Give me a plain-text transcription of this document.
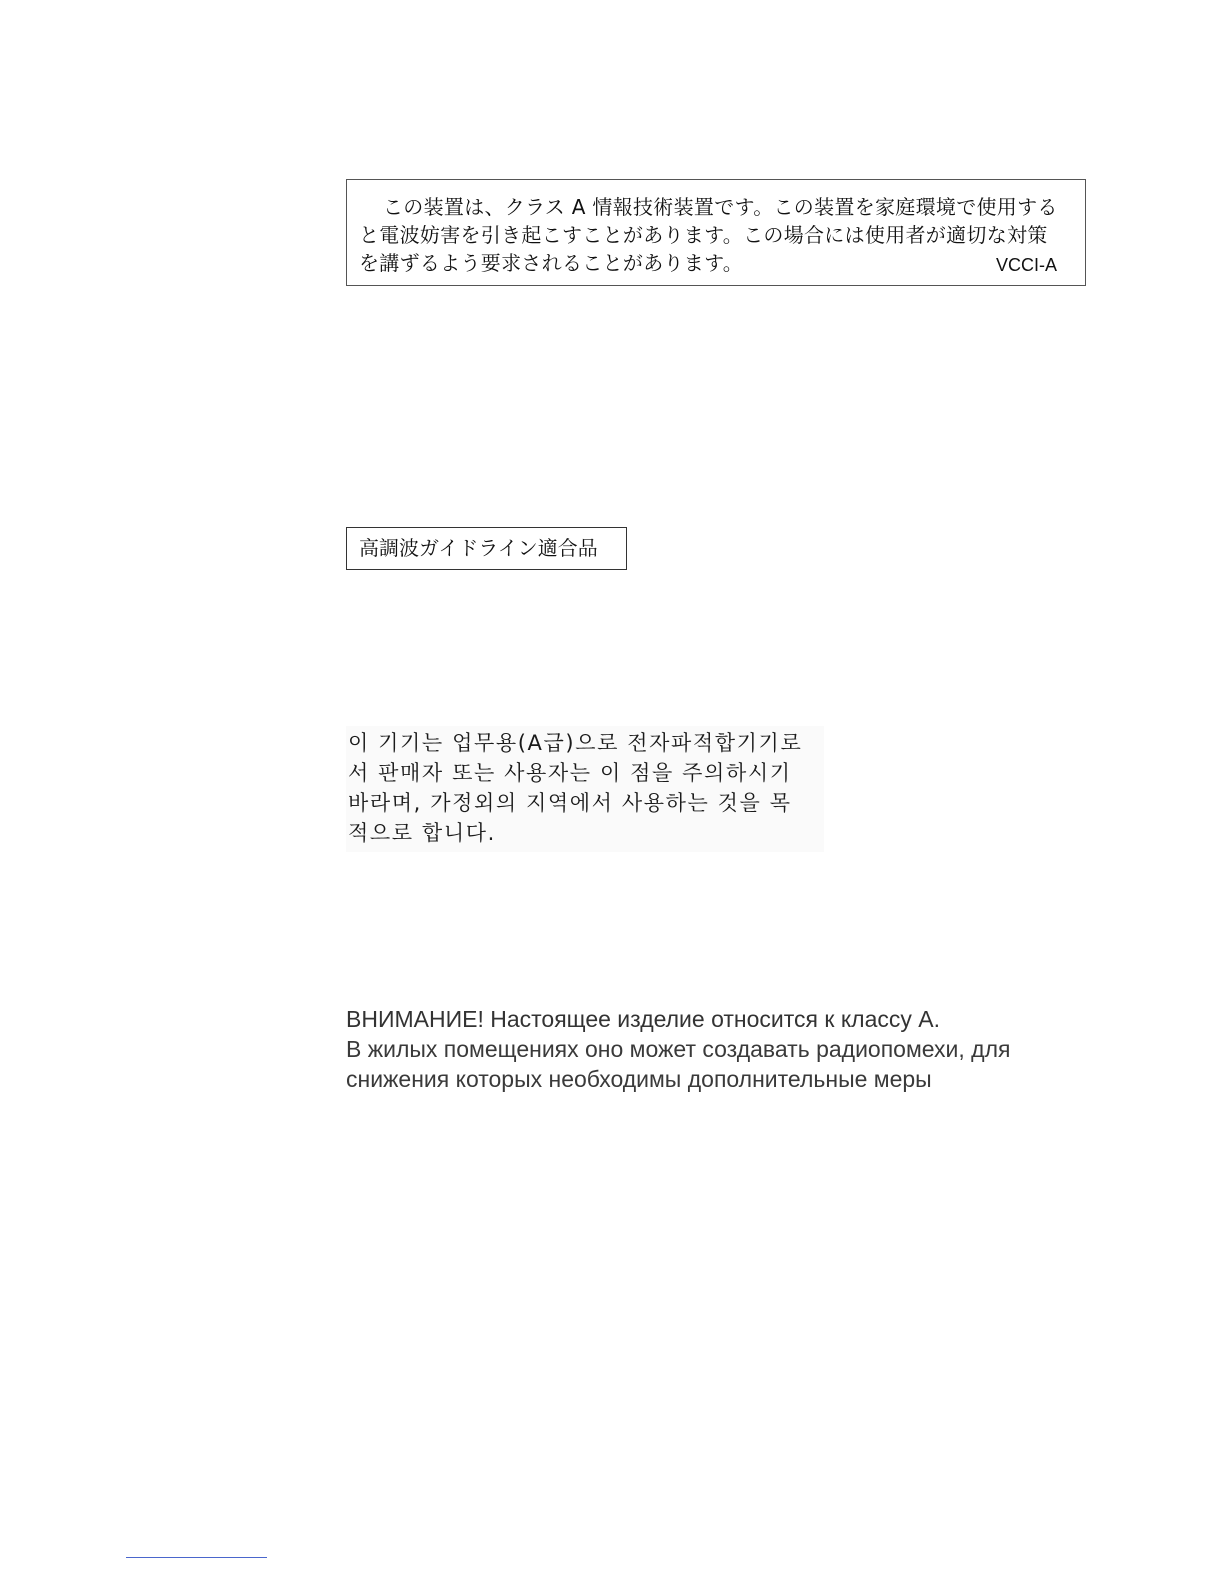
この装置は、クラス A 情報技術装置です。この装置を家庭環境で使用する
と電波妨害を引き起こすことがあります。この場合には使用者が適切な対策
を講ずるよう要求されることがあります。	VCCI-A
高調波ガイドライン適合品
이 기기는 업무용(A급)으로 전자파적합기기로
서 판매자 또는 사용자는 이 점을 주의하시기
바라며, 가정외의 지역에서 사용하는 것을 목
적으로 합니다.
ВНИМАНИЕ! Настоящее изделие относится к классу А.
В жилых помещениях оно может создавать радиопомехи, для
снижения которых необходимы дополнительные меры
